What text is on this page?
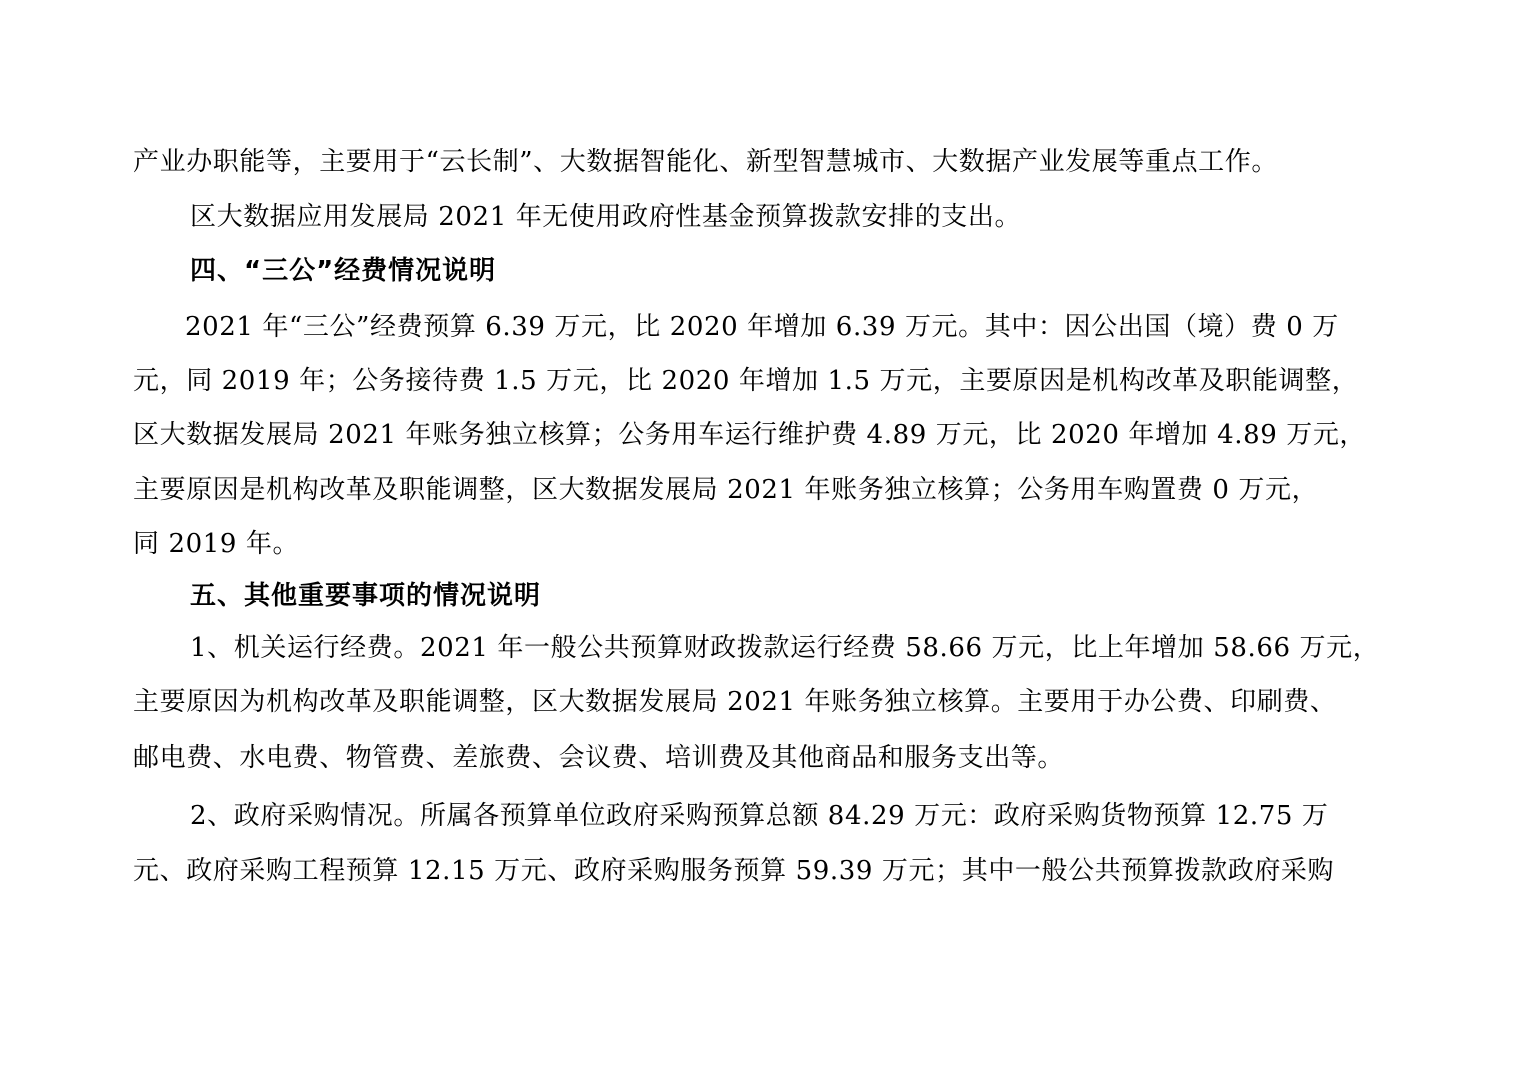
产业办职能等，主要用于“云长制”、大数据智能化、新型智慧城市、大数据产业发展等重点工作。
区大数据应用发展局 2021 年无使用政府性基金预算拨款安排的支出。
四、“三公”经费情况说明
2021 年“三公”经费预算 6.39 万元，比 2020 年增加 6.39 万元。其中：因公出国（境）费 0 万
元，同 2019 年；公务接待费 1.5 万元，比 2020 年增加 1.5 万元，主要原因是机构改革及职能调整，
区大数据发展局 2021 年账务独立核算；公务用车运行维护费 4.89 万元，比 2020 年增加 4.89 万元，
主要原因是机构改革及职能调整，区大数据发展局 2021 年账务独立核算；公务用车购置费 0 万元，
同 2019 年。
五、其他重要事项的情况说明
1、机关运行经费。2021 年一般公共预算财政拨款运行经费 58.66 万元，比上年增加 58.66 万元，
主要原因为机构改革及职能调整，区大数据发展局 2021 年账务独立核算。主要用于办公费、印刷费、
邮电费、水电费、物管费、差旅费、会议费、培训费及其他商品和服务支出等。
2、政府采购情况。所属各预算单位政府采购预算总额 84.29 万元：政府采购货物预算 12.75 万
元、政府采购工程预算 12.15 万元、政府采购服务预算 59.39 万元；其中一般公共预算拨款政府采购
